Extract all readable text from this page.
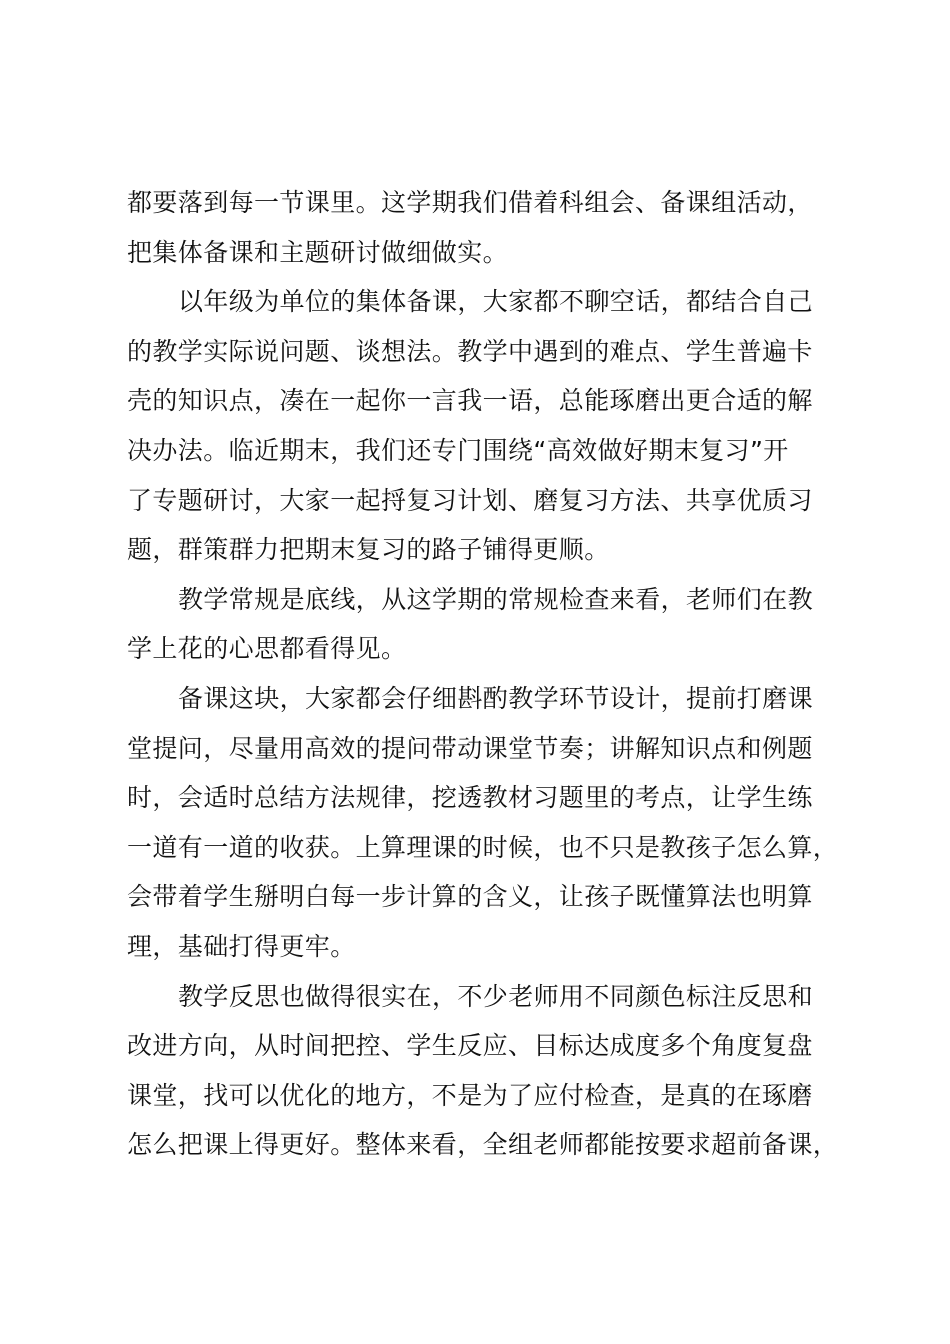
都要落到每一节课里。这学期我们借着科组会、备课组活动，
把集体备课和主题研讨做细做实。
以年级为单位的集体备课，大家都不聊空话，都结合自己
的教学实际说问题、谈想法。教学中遇到的难点、学生普遍卡
壳的知识点，凑在一起你一言我一语，总能琢磨出更合适的解
决办法。临近期末，我们还专门围绕“高效做好期末复习”开
了专题研讨，大家一起捋复习计划、磨复习方法、共享优质习
题，群策群力把期末复习的路子铺得更顺。
教学常规是底线，从这学期的常规检查来看，老师们在教
学上花的心思都看得见。
备课这块，大家都会仔细斟酌教学环节设计，提前打磨课
堂提问，尽量用高效的提问带动课堂节奏；讲解知识点和例题
时，会适时总结方法规律，挖透教材习题里的考点，让学生练
一道有一道的收获。上算理课的时候，也不只是教孩子怎么算，
会带着学生掰明白每一步计算的含义，让孩子既懂算法也明算
理，基础打得更牢。
教学反思也做得很实在，不少老师用不同颜色标注反思和
改进方向，从时间把控、学生反应、目标达成度多个角度复盘
课堂，找可以优化的地方，不是为了应付检查，是真的在琢磨
怎么把课上得更好。整体来看，全组老师都能按要求超前备课，
